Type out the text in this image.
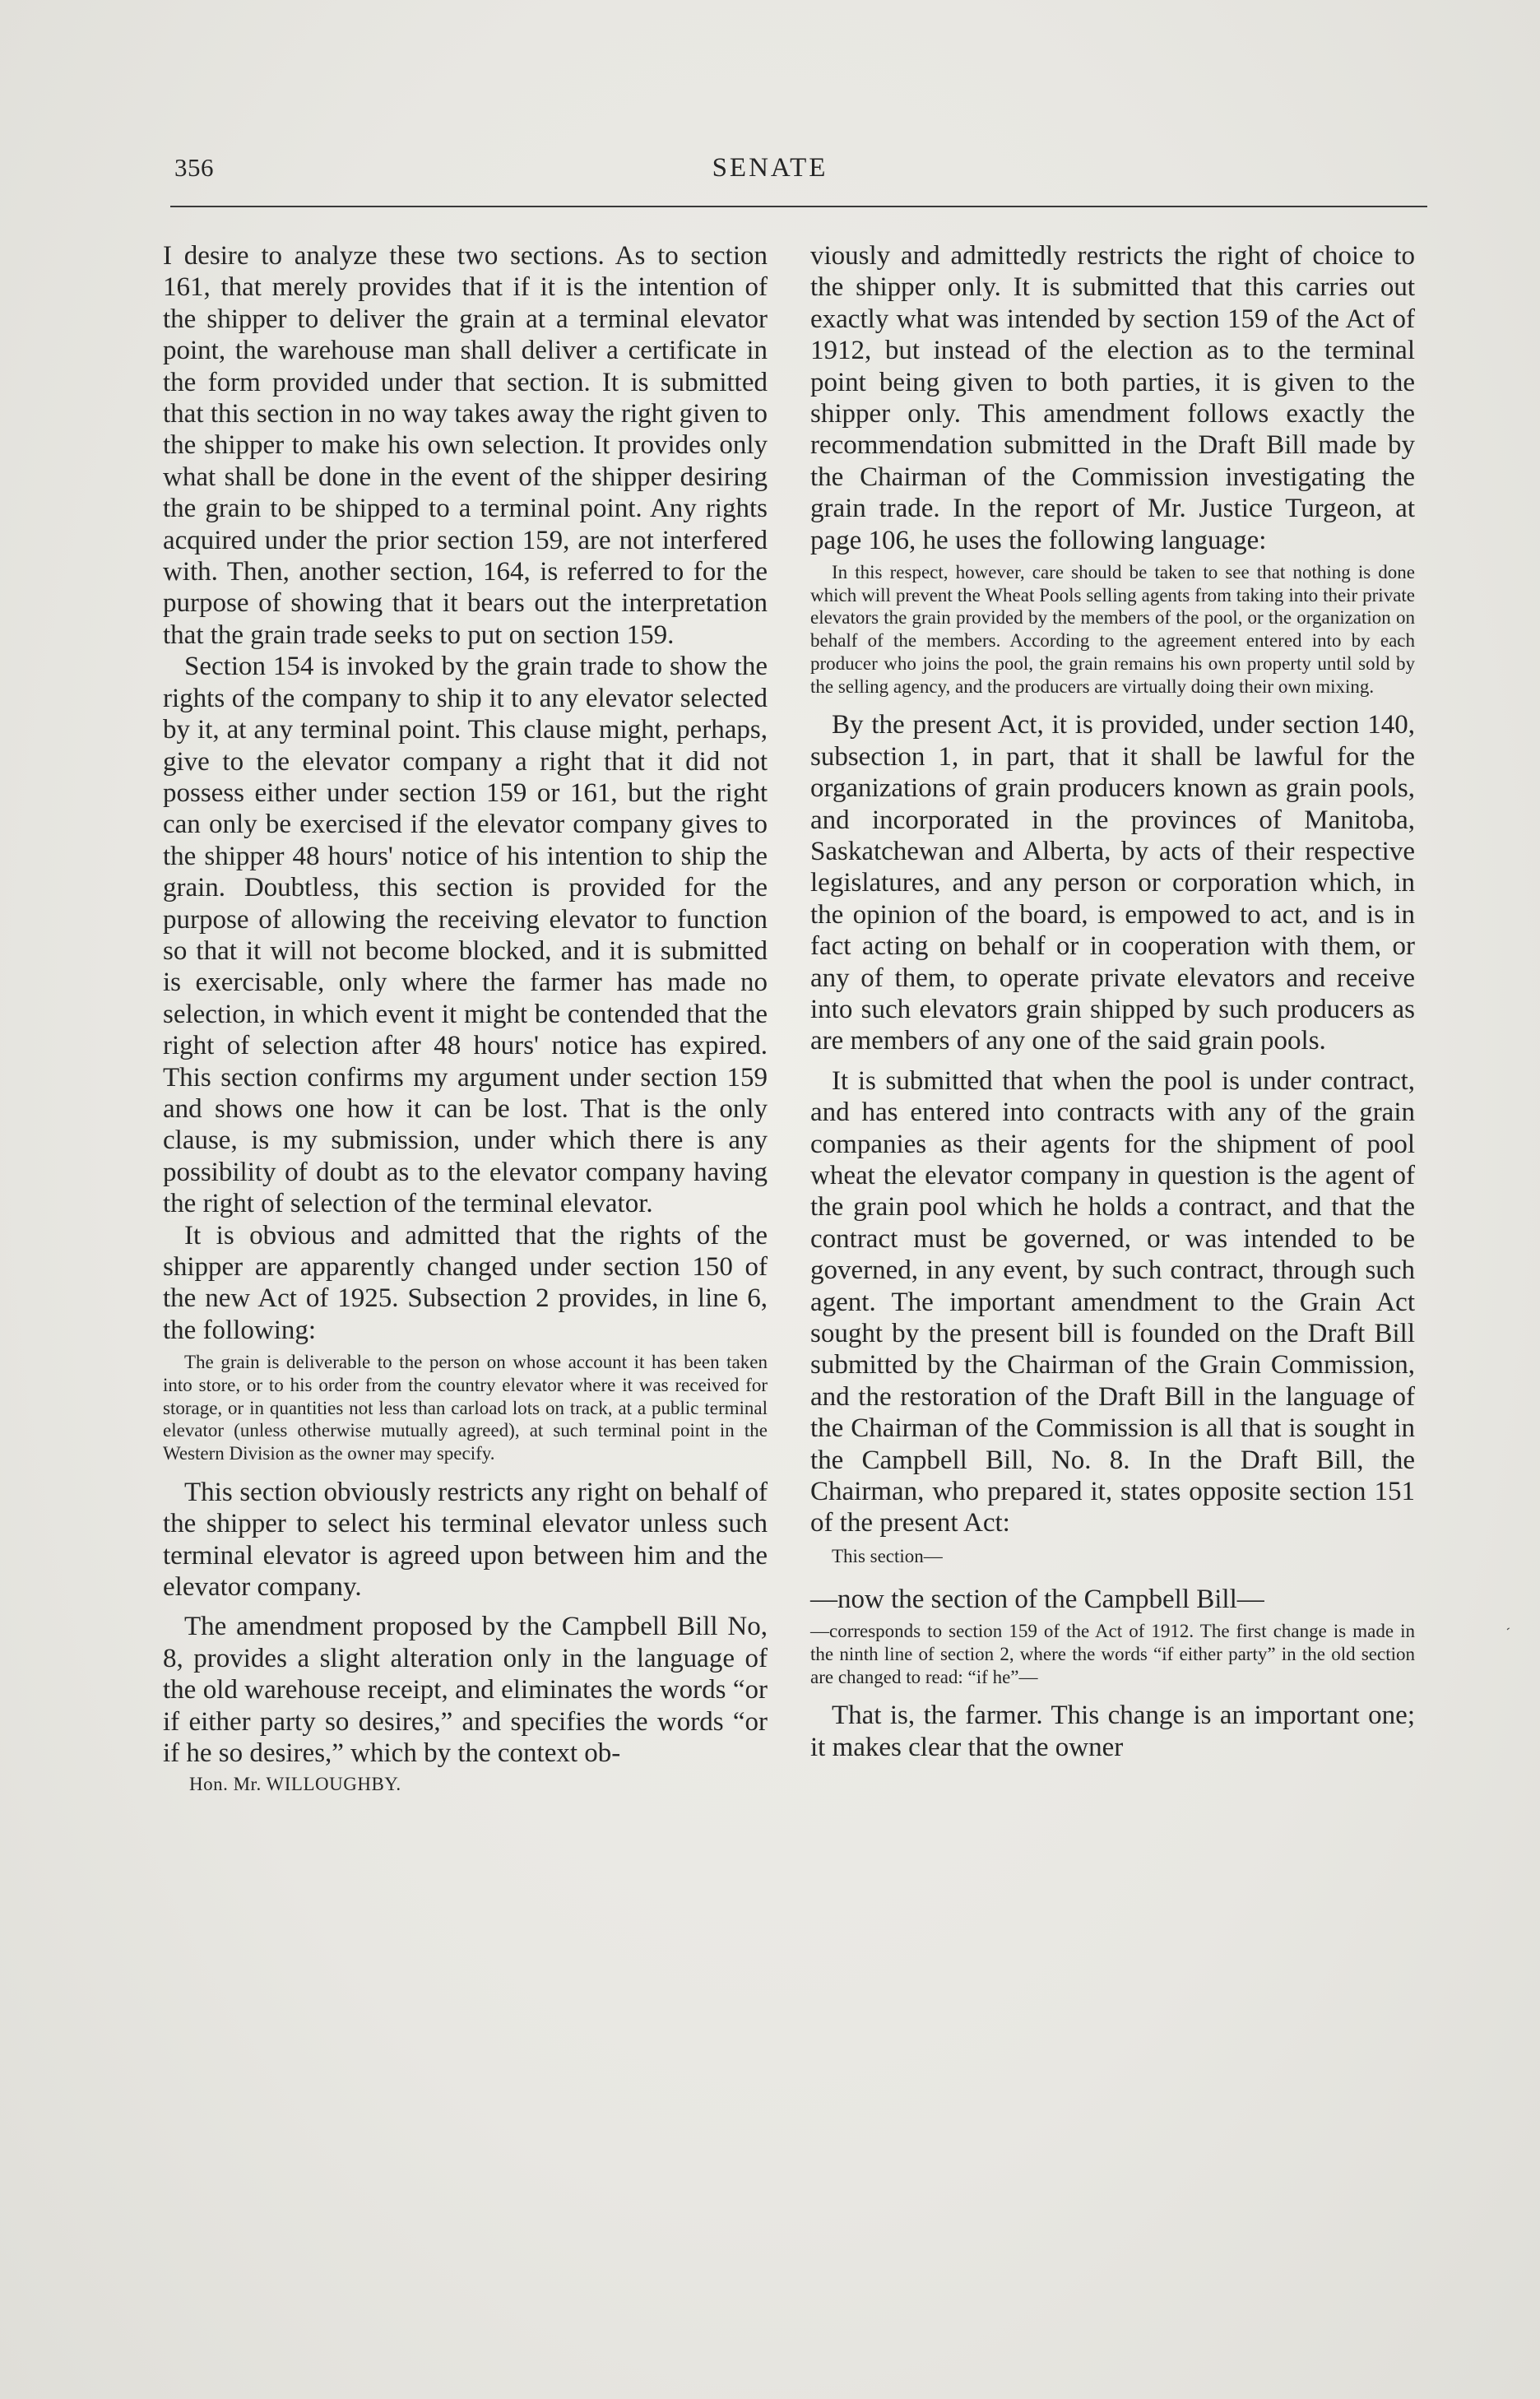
356	SENATE

I desire to analyze these two sections. As to section 161, that merely provides that if it is the intention of the shipper to deliver the grain at a terminal elevator point, the warehouse man shall deliver a certificate in the form provided under that section. It is submitted that this section in no way takes away the right given to the shipper to make his own selection. It provides only what shall be done in the event of the shipper desiring the grain to be shipped to a terminal point. Any rights acquired under the prior section 159, are not interfered with. Then, another section, 164, is referred to for the purpose of showing that it bears out the interpretation that the grain trade seeks to put on section 159.

Section 154 is invoked by the grain trade to show the rights of the company to ship it to any elevator selected by it, at any terminal point. This clause might, perhaps, give to the elevator company a right that it did not possess either under section 159 or 161, but the right can only be exercised if the elevator company gives to the shipper 48 hours' notice of his intention to ship the grain. Doubtless, this section is provided for the purpose of allowing the receiving elevator to function so that it will not become blocked, and it is submitted is exercisable, only where the farmer has made no selection, in which event it might be contended that the right of selection after 48 hours' notice has expired. This section confirms my argument under section 159 and shows one how it can be lost. That is the only clause, is my submission, under which there is any possibility of doubt as to the elevator company having the right of selection of the terminal elevator.

It is obvious and admitted that the rights of the shipper are apparently changed under section 150 of the new Act of 1925. Subsection 2 provides, in line 6, the following:

The grain is deliverable to the person on whose account it has been taken into store, or to his order from the country elevator where it was received for storage, or in quantities not less than carload lots on track, at a public terminal elevator (unless otherwise mutually agreed), at such terminal point in the Western Division as the owner may specify.

This section obviously restricts any right on behalf of the shipper to select his terminal elevator unless such terminal elevator is agreed upon between him and the elevator company.

The amendment proposed by the Campbell Bill No, 8, provides a slight alteration only in the language of the old warehouse receipt, and eliminates the words “or if either party so desires,” and specifies the words “or if he so desires,” which by the context ob-

Hon. Mr. WILLOUGHBY.

viously and admittedly restricts the right of choice to the shipper only. It is submitted that this carries out exactly what was intended by section 159 of the Act of 1912, but instead of the election as to the terminal point being given to both parties, it is given to the shipper only. This amendment follows exactly the recommendation submitted in the Draft Bill made by the Chairman of the Commission investigating the grain trade. In the report of Mr. Justice Turgeon, at page 106, he uses the following language:

In this respect, however, care should be taken to see that nothing is done which will prevent the Wheat Pools selling agents from taking into their private elevators the grain provided by the members of the pool, or the organization on behalf of the members. According to the agreement entered into by each producer who joins the pool, the grain remains his own property until sold by the selling agency, and the producers are virtually doing their own mixing.

By the present Act, it is provided, under section 140, subsection 1, in part, that it shall be lawful for the organizations of grain producers known as grain pools, and incorporated in the provinces of Manitoba, Saskatchewan and Alberta, by acts of their respective legislatures, and any person or corporation which, in the opinion of the board, is empowed to act, and is in fact acting on behalf or in cooperation with them, or any of them, to operate private elevators and receive into such elevators grain shipped by such producers as are members of any one of the said grain pools.

It is submitted that when the pool is under contract, and has entered into contracts with any of the grain companies as their agents for the shipment of pool wheat the elevator company in question is the agent of the grain pool which he holds a contract, and that the contract must be governed, or was intended to be governed, in any event, by such contract, through such agent. The important amendment to the Grain Act sought by the present bill is founded on the Draft Bill submitted by the Chairman of the Grain Commission, and the restoration of the Draft Bill in the language of the Chairman of the Commission is all that is sought in the Campbell Bill, No. 8. In the Draft Bill, the Chairman, who prepared it, states opposite section 151 of the present Act:

This section—
—now the section of the Campbell Bill—

—corresponds to section 159 of the Act of 1912. The first change is made in the ninth line of section 2, where the words “if either party” in the old section are changed to read: “if he”—

That is, the farmer. This change is an important one; it makes clear that the owner

‘
